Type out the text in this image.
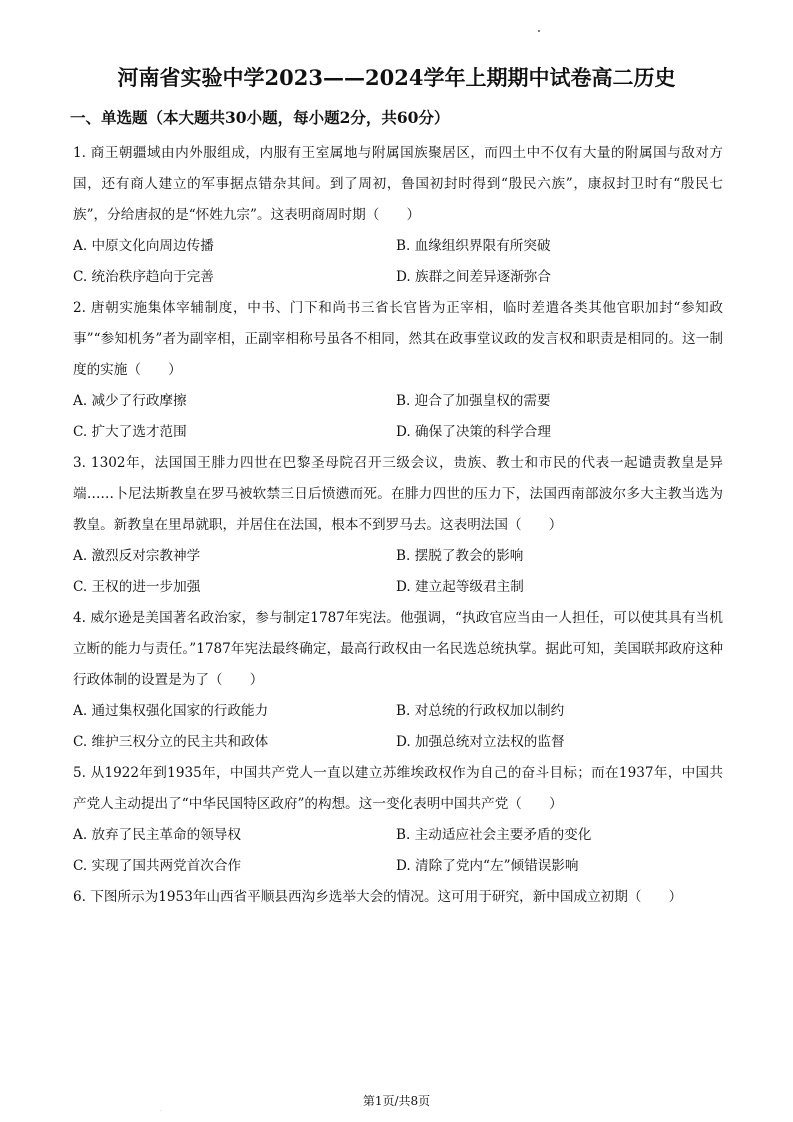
河南省实验中学2023——2024学年上期期中试卷高二历史
一、单选题（本大题共30小题，每小题2分，共60分）

1. 商王朝疆域由内外服组成，内服有王室属地与附属国族聚居区，而四土中不仅有大量的附属国与敌对方国，还有商人建立的军事据点错杂其间。到了周初，鲁国初封时得到“殷民六族”，康叔封卫时有“殷民七族”，分给唐叔的是“怀姓九宗”。这表明商周时期（　　）

A. 中原文化向周边传播	B. 血缘组织界限有所突破
C. 统治秩序趋向于完善	D. 族群之间差异逐渐弥合

2. 唐朝实施集体宰辅制度，中书、门下和尚书三省长官皆为正宰相，临时差遣各类其他官职加封“参知政事”“参知机务”者为副宰相，正副宰相称号虽各不相同，然其在政事堂议政的发言权和职责是相同的。这一制度的实施（　　）

A. 减少了行政摩擦	B. 迎合了加强皇权的需要
C. 扩大了选才范围	D. 确保了决策的科学合理

3. 1302年，法国国王腓力四世在巴黎圣母院召开三级会议，贵族、教士和市民的代表一起谴责教皇是异端……卜尼法斯教皇在罗马被软禁三日后愤懑而死。在腓力四世的压力下，法国西南部波尔多大主教当选为教皇。新教皇在里昂就职，并居住在法国，根本不到罗马去。这表明法国（　　）

A. 激烈反对宗教神学	B. 摆脱了教会的影响
C. 王权的进一步加强	D. 建立起等级君主制

4. 威尔逊是美国著名政治家，参与制定1787年宪法。他强调，“执政官应当由一人担任，可以使其具有当机立断的能力与责任。”1787年宪法最终确定，最高行政权由一名民选总统执掌。据此可知，美国联邦政府这种行政体制的设置是为了（　　）

A. 通过集权强化国家的行政能力	B. 对总统的行政权加以制约
C. 维护三权分立的民主共和政体	D. 加强总统对立法权的监督

5. 从1922年到1935年，中国共产党人一直以建立苏维埃政权作为自己的奋斗目标；而在1937年，中国共产党人主动提出了“中华民国特区政府”的构想。这一变化表明中国共产党（　　）

A. 放弃了民主革命的领导权	B. 主动适应社会主要矛盾的变化
C. 实现了国共两党首次合作	D. 清除了党内“左”倾错误影响

6. 下图所示为1953年山西省平顺县西沟乡选举大会的情况。这可用于研究，新中国成立初期（　　）

·
第1页/共8页
